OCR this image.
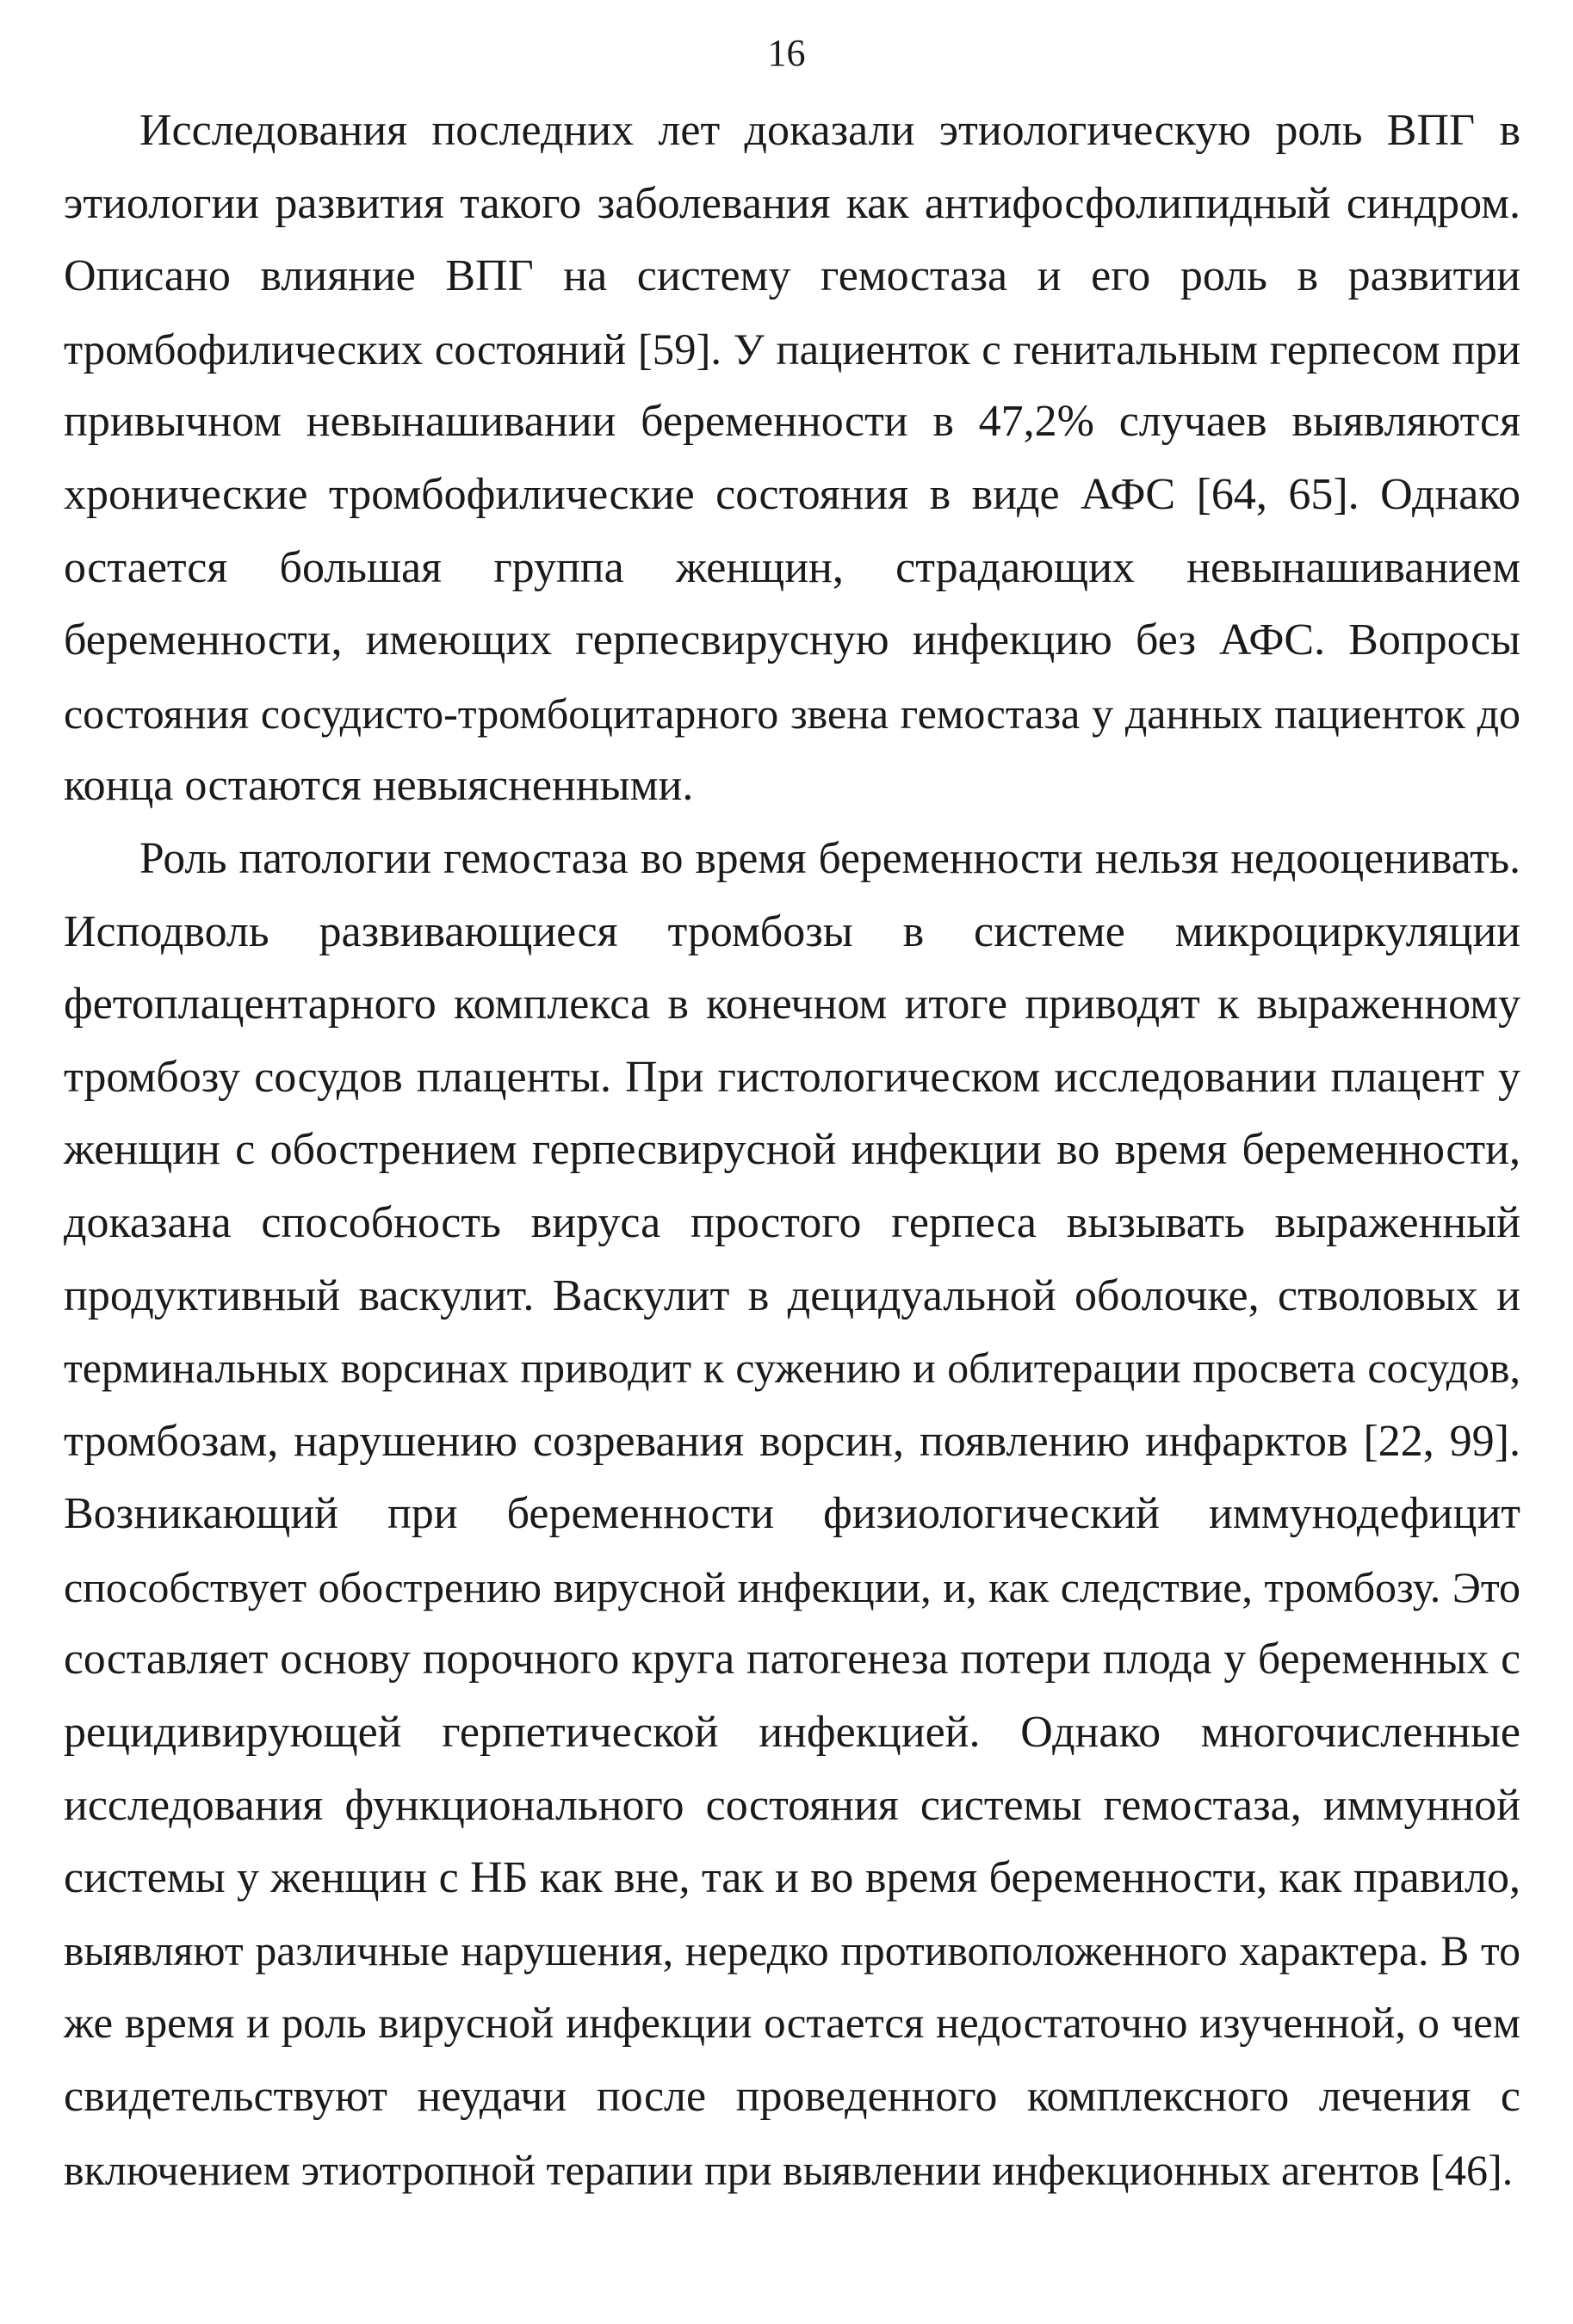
16
Исследования последних лет доказали этиологическую роль ВПГ в
этиологии развития такого заболевания как антифосфолипидный синдром.
Описано влияние ВПГ на систему гемостаза и его роль в развитии
тромбофилических состояний [59]. У пациенток с генитальным герпесом при
привычном невынашивании беременности в 47,2% случаев выявляются
хронические тромбофилические состояния в виде АФС [64, 65]. Однако
остается большая группа женщин, страдающих невынашиванием
беременности, имеющих герпесвирусную инфекцию без АФС. Вопросы
состояния сосудисто-тромбоцитарного звена гемостаза у данных пациенток до
конца остаются невыясненными.
Роль патологии гемостаза во время беременности нельзя недооценивать.
Исподволь развивающиеся тромбозы в системе микроциркуляции
фетоплацентарного комплекса в конечном итоге приводят к выраженному
тромбозу сосудов плаценты. При гистологическом исследовании плацент у
женщин с обострением герпесвирусной инфекции во время беременности,
доказана способность вируса простого герпеса вызывать выраженный
продуктивный васкулит. Васкулит в децидуальной оболочке, стволовых и
терминальных ворсинах приводит к сужению и облитерации просвета сосудов,
тромбозам, нарушению созревания ворсин, появлению инфарктов [22, 99].
Возникающий при беременности физиологический иммунодефицит
способствует обострению вирусной инфекции, и, как следствие, тромбозу. Это
составляет основу порочного круга патогенеза потери плода у беременных с
рецидивирующей герпетической инфекцией. Однако многочисленные
исследования функционального состояния системы гемостаза, иммунной
системы у женщин с НБ как вне, так и во время беременности, как правило,
выявляют различные нарушения, нередко противоположенного характера. В то
же время и роль вирусной инфекции остается недостаточно изученной, о чем
свидетельствуют неудачи после проведенного комплексного лечения с
включением этиотропной терапии при выявлении инфекционных агентов [46].
